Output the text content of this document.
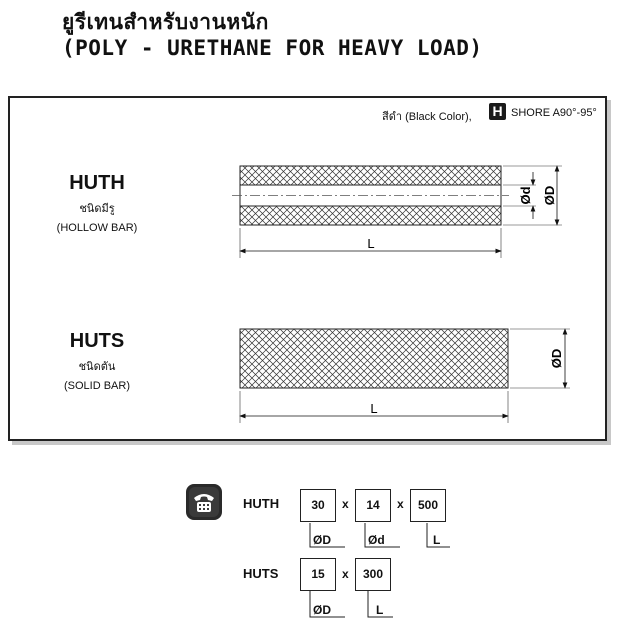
ยูรีเทนสำหรับงานหนัก
(POLY - URETHANE FOR HEAVY LOAD)
สีดำ (Black Color), H SHORE A90°-95°
HUTH
ชนิดมีรู
(HOLLOW BAR)
HUTS
ชนิดตัน
(SOLID BAR)
Ød ØD
L
ØD
L
HUTH	30	x	14	x	500
ØD	Ød	L
HUTS	15	x	300
ØD	L
